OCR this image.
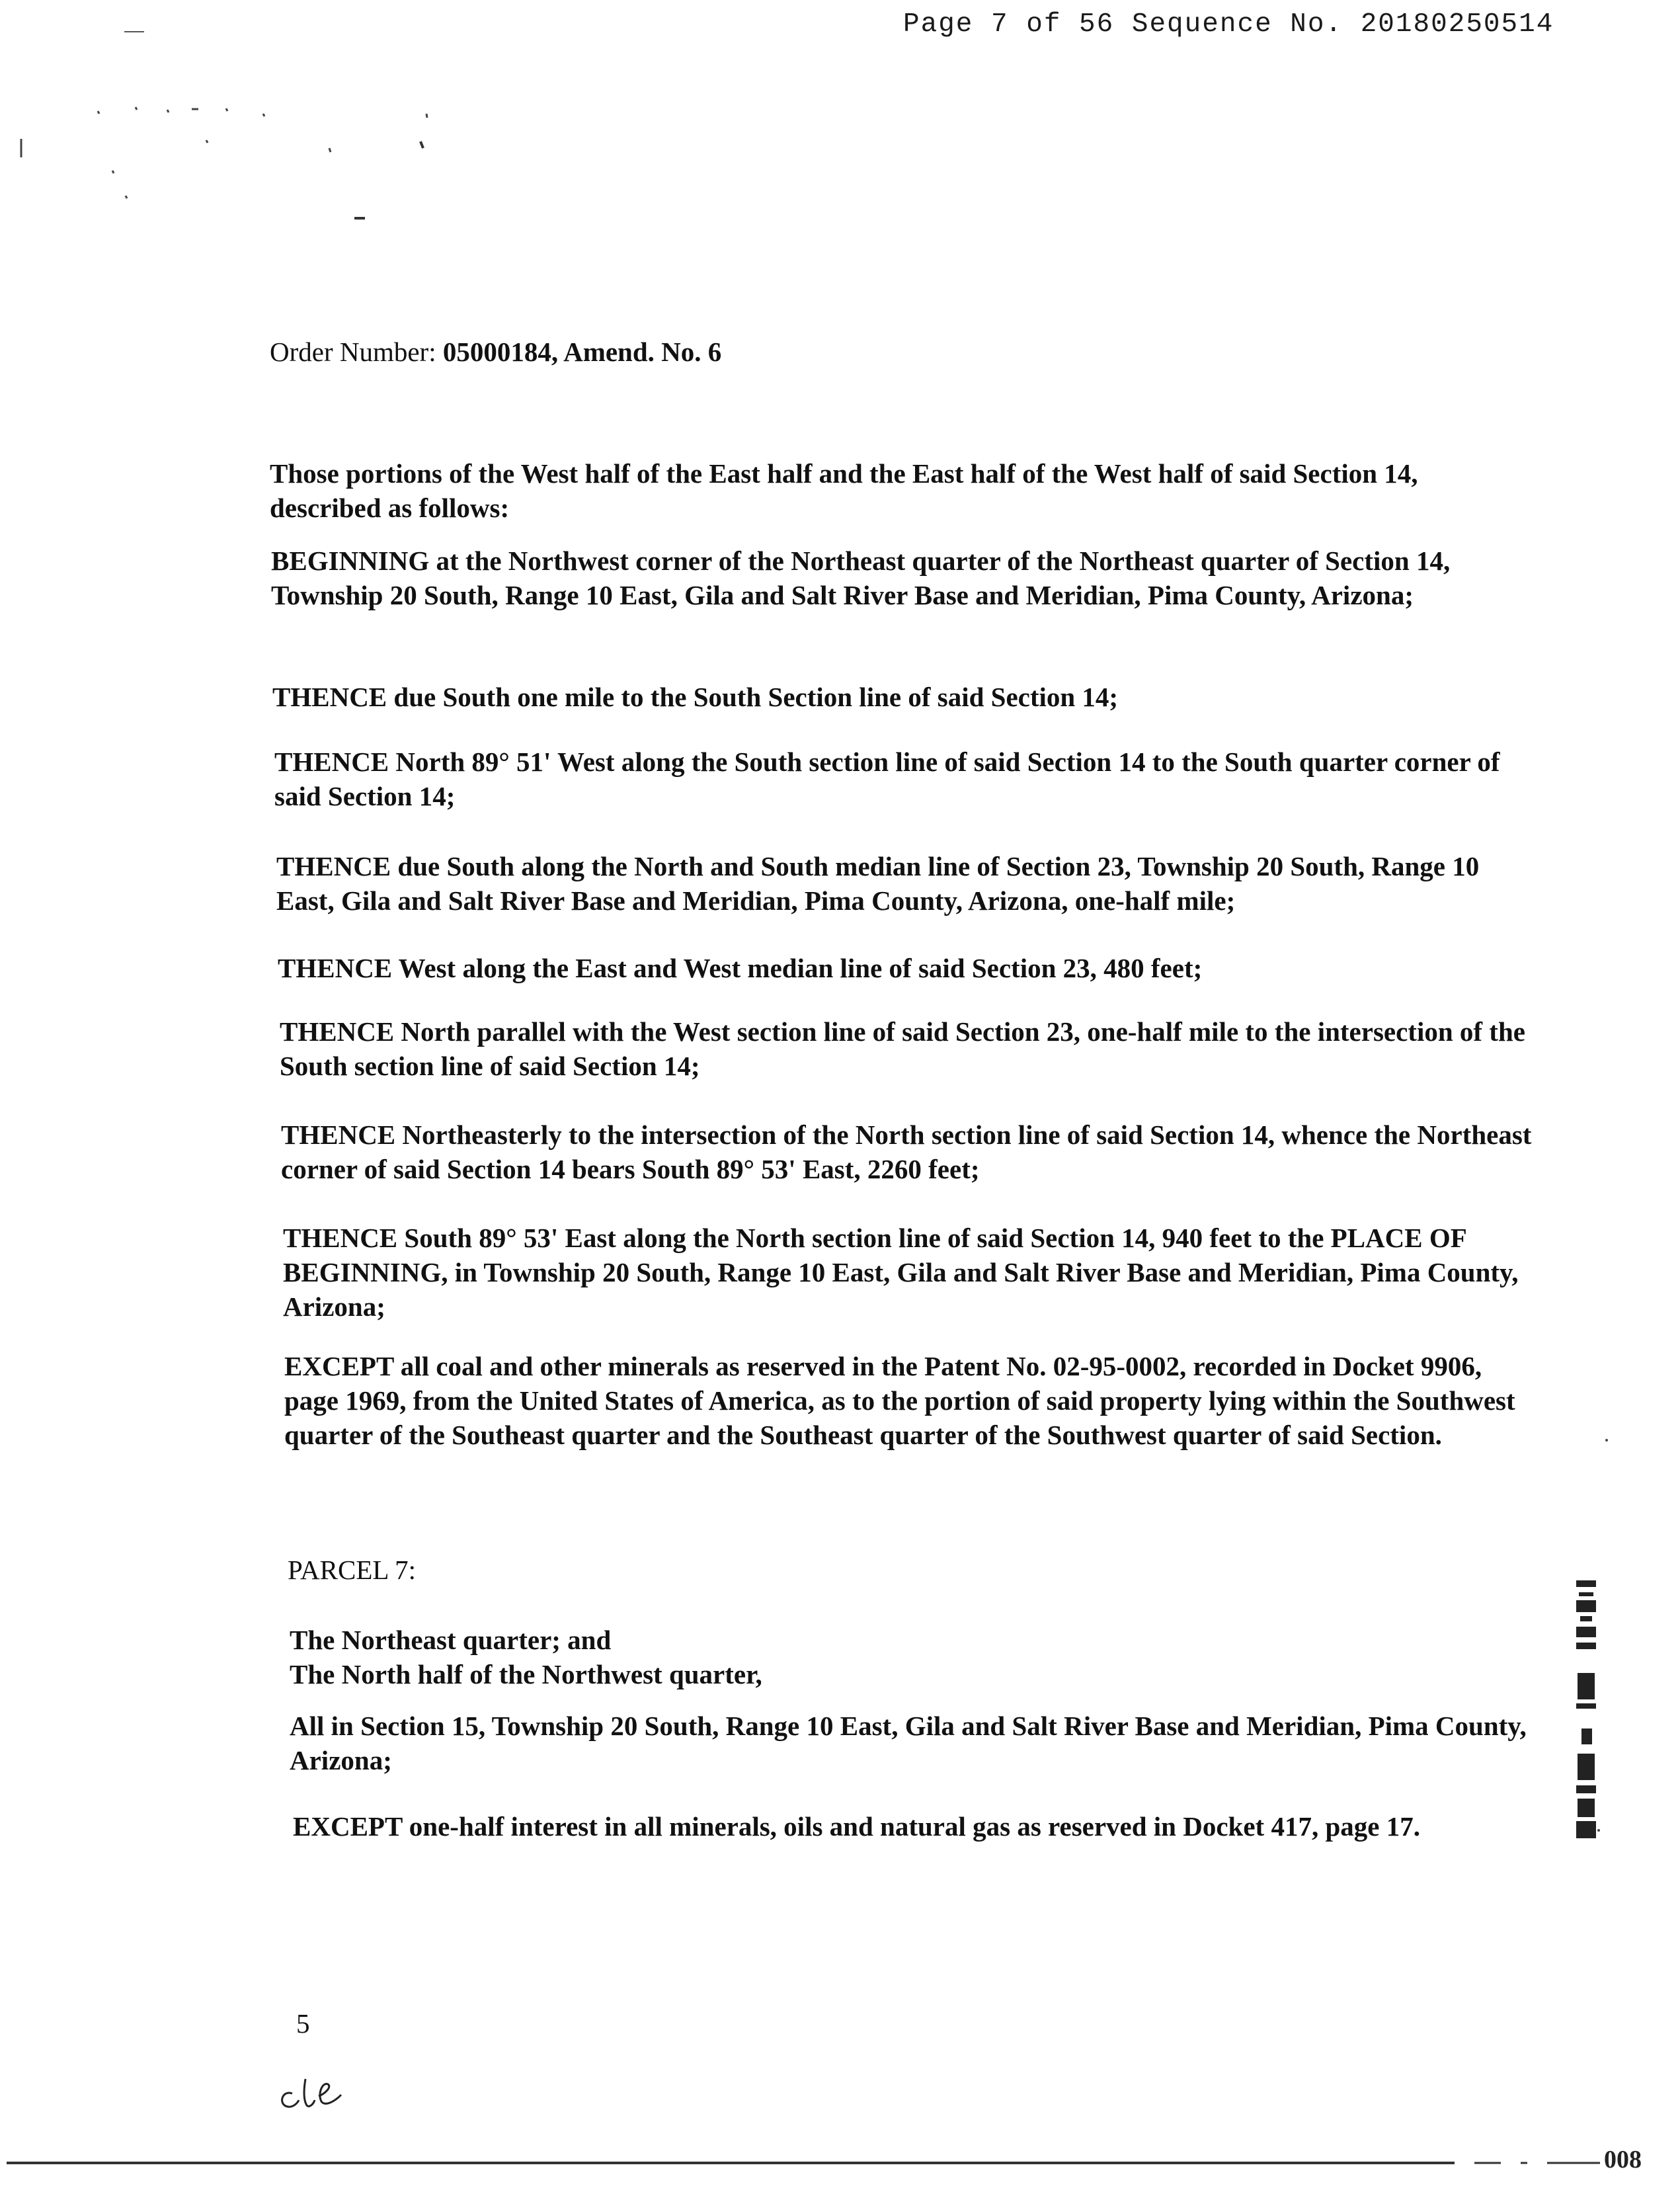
Page 7 of 56 Sequence No. 20180250514
Order Number: 05000184, Amend. No. 6

Those portions of the West half of the East half and the East half of the West half of said Section 14, described as follows:

BEGINNING at the Northwest corner of the Northeast quarter of the Northeast quarter of Section 14, Township 20 South, Range 10 East, Gila and Salt River Base and Meridian, Pima County, Arizona;

THENCE due South one mile to the South Section line of said Section 14;

THENCE North 89° 51' West along the South section line of said Section 14 to the South quarter corner of said Section 14;

THENCE due South along the North and South median line of Section 23, Township 20 South, Range 10 East, Gila and Salt River Base and Meridian, Pima County, Arizona, one-half mile;

THENCE West along the East and West median line of said Section 23, 480 feet;

THENCE North parallel with the West section line of said Section 23, one-half mile to the intersection of the South section line of said Section 14;

THENCE Northeasterly to the intersection of the North section line of said Section 14, whence the Northeast corner of said Section 14 bears South 89° 53' East, 2260 feet;

THENCE South 89° 53' East along the North section line of said Section 14, 940 feet to the PLACE OF BEGINNING, in Township 20 South, Range 10 East, Gila and Salt River Base and Meridian, Pima County, Arizona;

EXCEPT all coal and other minerals as reserved in the Patent No. 02-95-0002, recorded in Docket 9906, page 1969, from the United States of America, as to the portion of said property lying within the Southwest quarter of the Southeast quarter and the Southeast quarter of the Southwest quarter of said Section.

PARCEL 7:
The Northeast quarter; and
The North half of the Northwest quarter,

All in Section 15, Township 20 South, Range 10 East, Gila and Salt River Base and Meridian, Pima County, Arizona;

EXCEPT one-half interest in all minerals, oils and natural gas as reserved in Docket 417, page 17.

5
008
